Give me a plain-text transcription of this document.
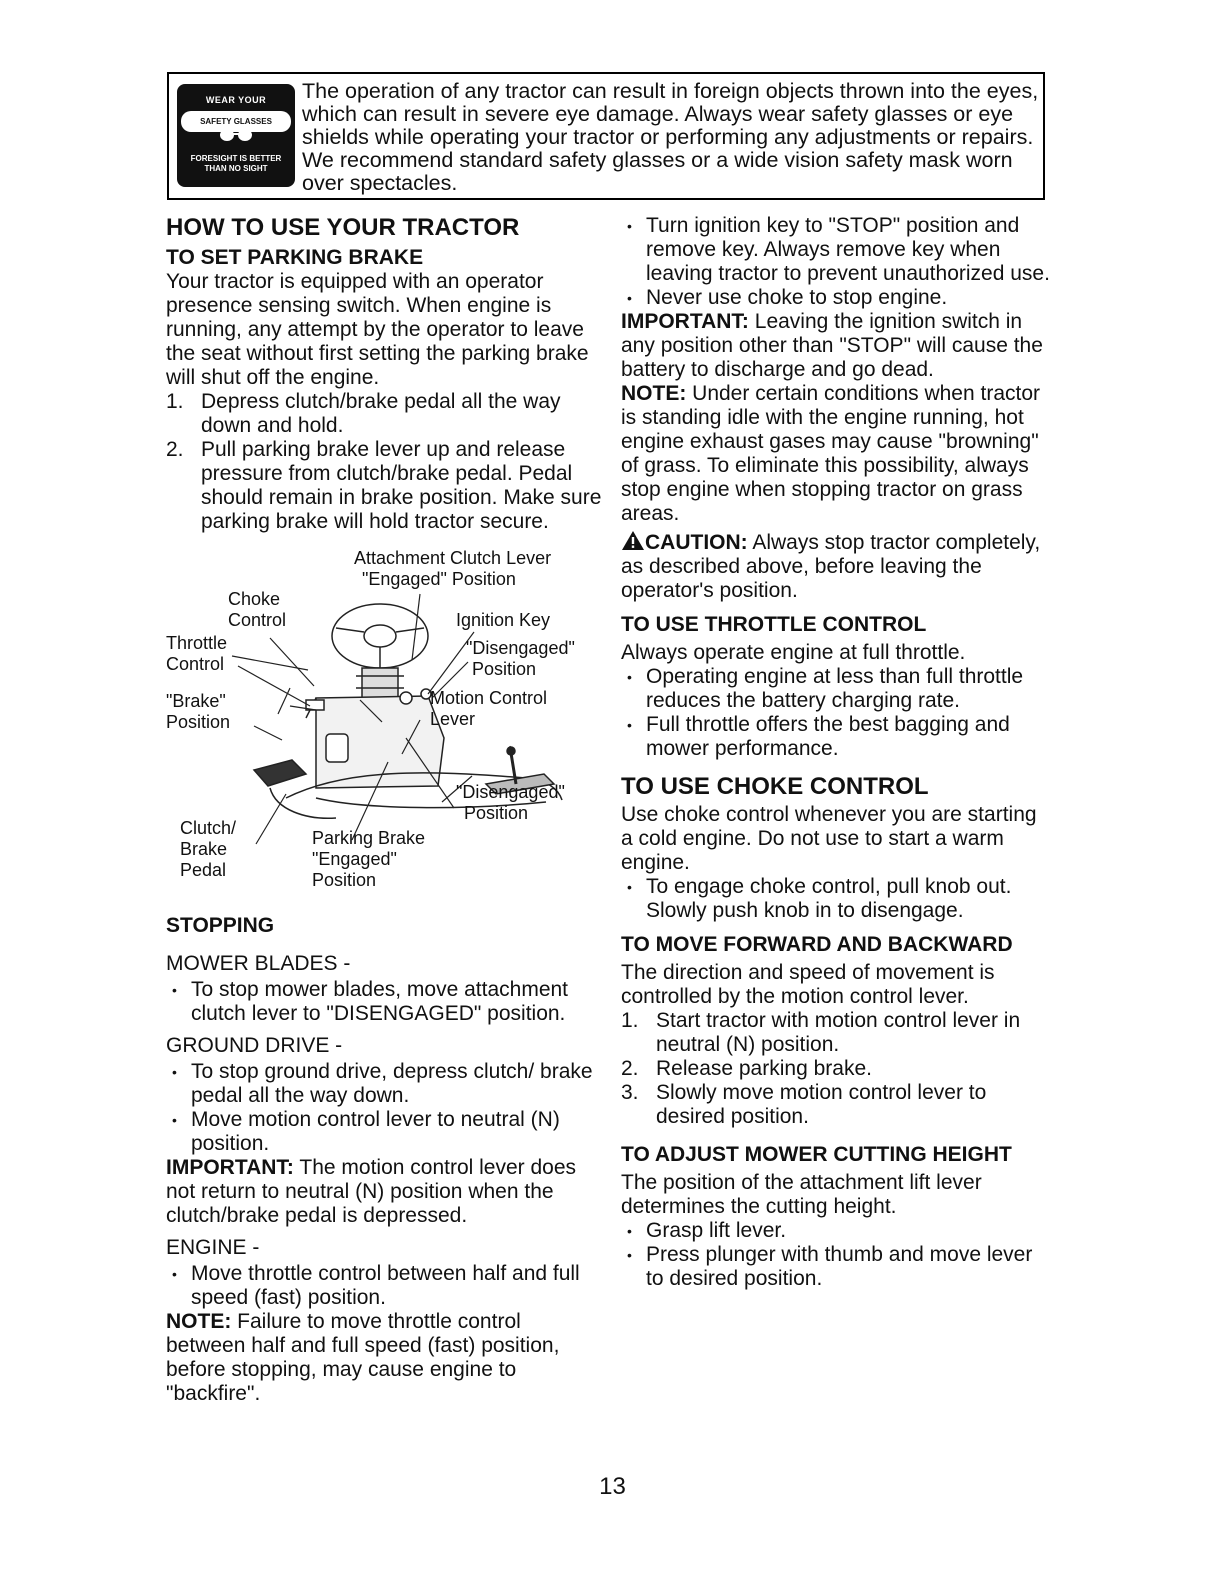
WEAR YOUR
SAFETY GLASSES
FORESIGHT IS BETTER
THAN NO SIGHT

The operation of any tractor can result in foreign objects thrown into the eyes, which can result in severe eye damage. Always wear safety glasses or eye shields while operating your tractor or performing any adjustments or repairs. We recommend standard safety glasses or a wide vision safety mask worn over spectacles.

HOW TO USE YOUR TRACTOR
TO SET PARKING BRAKE

Your tractor is equipped with an operator presence sensing switch. When engine is running, any attempt by the operator to leave the seat without first setting the parking brake will shut off the engine.

1. Depress clutch/brake pedal all the way down and hold.
2. Pull parking brake lever up and release pressure from clutch/brake pedal. Pedal should remain in brake position. Make sure parking brake will hold tractor secure.
Attachment Clutch Lever
"Engaged" Position
Choke
Control	Ignition Key
Throttle
Control
"Disengaged"
Position
"Brake"
Position
Motion Control
Lever
"Disengaged"
Position
Clutch/
Brake
Pedal
Parking Brake
"Engaged"
Position
STOPPING

MOWER BLADES -

• To stop mower blades, move attachment clutch lever to "DISENGAGED" position.

GROUND DRIVE -

• To stop ground drive, depress clutch/ brake pedal all the way down.
• Move motion control lever to neutral (N) position.

IMPORTANT: The motion control lever does not return to neutral (N) position when the clutch/brake pedal is depressed.

ENGINE -

• Move throttle control between half and full speed (fast) position.

NOTE: Failure to move throttle control between half and full speed (fast) position, before stopping, may cause engine to "backfire".

• Turn ignition key to "STOP" position and remove key. Always remove key when leaving tractor to prevent unauthorized use.
• Never use choke to stop engine.

IMPORTANT: Leaving the ignition switch in any position other than "STOP" will cause the battery to discharge and go dead.

NOTE: Under certain conditions when tractor is standing idle with the engine running, hot engine exhaust gases may cause "browning" of grass. To eliminate this possibility, always stop engine when stopping tractor on grass areas.

CAUTION: Always stop tractor completely, as described above, before leaving the operator's position.

TO USE THROTTLE CONTROL

Always operate engine at full throttle.

• Operating engine at less than full throttle reduces the battery charging rate.
• Full throttle offers the best bagging and mower performance.
TO USE CHOKE CONTROL

Use choke control whenever you are starting a cold engine. Do not use to start a warm engine.

• To engage choke control, pull knob out. Slowly push knob in to disengage.
TO MOVE FORWARD AND BACKWARD

The direction and speed of movement is controlled by the motion control lever.

1. Start tractor with motion control lever in neutral (N) position.
2. Release parking brake.
3. Slowly move motion control lever to desired position.
TO ADJUST MOWER CUTTING HEIGHT

The position of the attachment lift lever determines the cutting height.

• Grasp lift lever.
• Press plunger with thumb and move lever to desired position.
13
